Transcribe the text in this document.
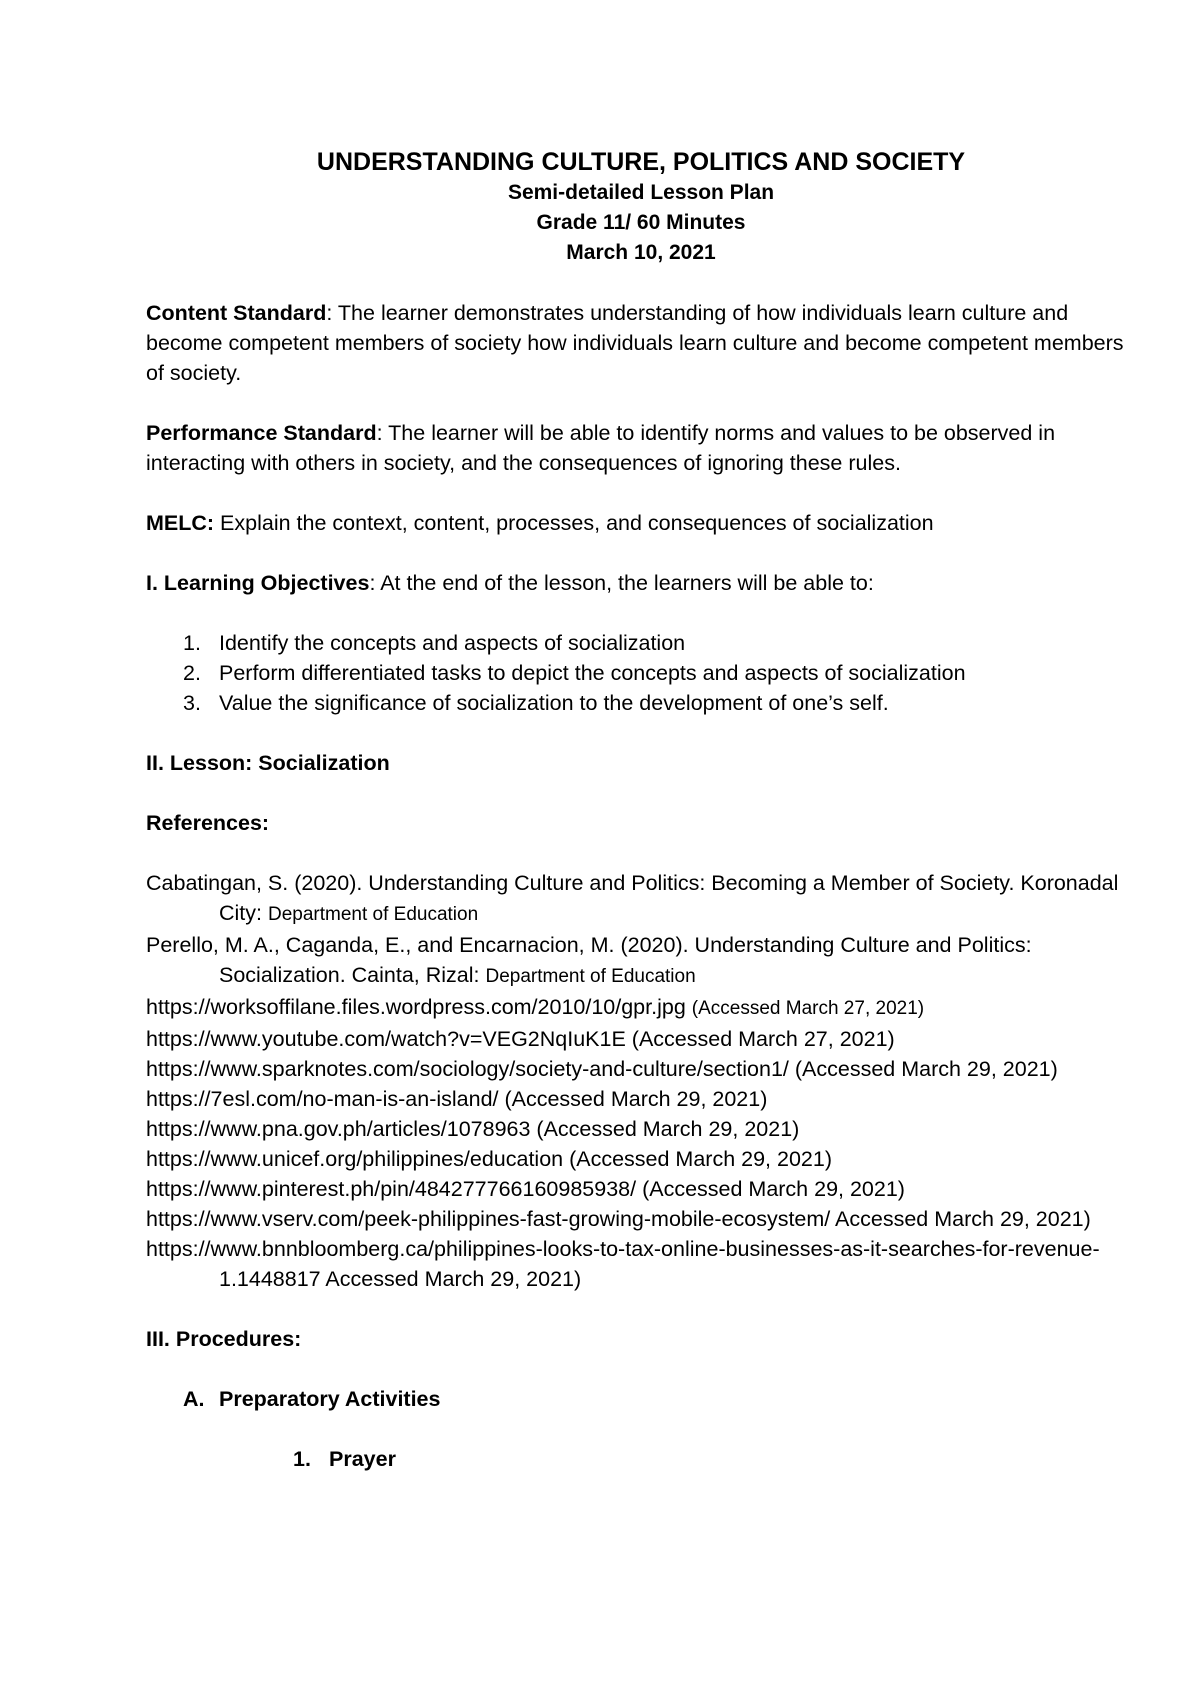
UNDERSTANDING CULTURE, POLITICS AND SOCIETY

Semi-detailed Lesson Plan

Grade 11/ 60 Minutes

March 10, 2021

Content Standard: The learner demonstrates understanding of how individuals learn culture and become competent members of society how individuals learn culture and become competent members of society.

Performance Standard: The learner will be able to identify norms and values to be observed in interacting with others in society, and the consequences of ignoring these rules.

MELC: Explain the context, content, processes, and consequences of socialization

I. Learning Objectives: At the end of the lesson, the learners will be able to:

1. Identify the concepts and aspects of socialization
2. Perform differentiated tasks to depict the concepts and aspects of socialization
3. Value the significance of socialization to the development of one’s self.

II. Lesson: Socialization

References:

Cabatingan, S. (2020). Understanding Culture and Politics: Becoming a Member of Society. Koronadal City: Department of Education

Perello, M. A., Caganda, E., and Encarnacion, M. (2020). Understanding Culture and Politics: Socialization. Cainta, Rizal: Department of Education

https://worksoffilane.files.wordpress.com/2010/10/gpr.jpg (Accessed March 27, 2021)

https://www.youtube.com/watch?v=VEG2NqIuK1E (Accessed March 27, 2021)

https://www.sparknotes.com/sociology/society-and-culture/section1/ (Accessed March 29, 2021)

https://7esl.com/no-man-is-an-island/ (Accessed March 29, 2021)

https://www.pna.gov.ph/articles/1078963 (Accessed March 29, 2021)

https://www.unicef.org/philippines/education (Accessed March 29, 2021)

https://www.pinterest.ph/pin/484277766160985938/ (Accessed March 29, 2021)

https://www.vserv.com/peek-philippines-fast-growing-mobile-ecosystem/ Accessed March 29, 2021)

https://www.bnnbloomberg.ca/philippines-looks-to-tax-online-businesses-as-it-searches-for-revenue-1.1448817 Accessed March 29, 2021)

III. Procedures:

A. Preparatory Activities
1. Prayer
